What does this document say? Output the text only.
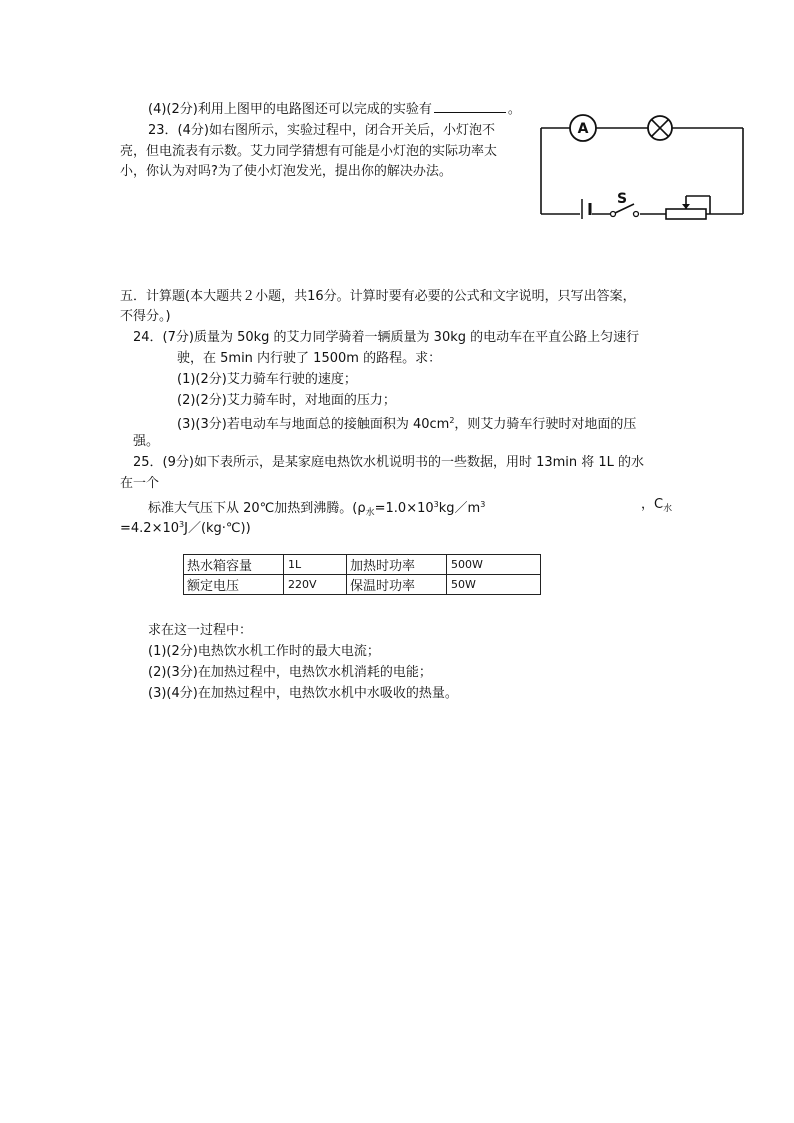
(4)(2分)利用上图甲的电路图还可以完成的实验有	。
23．(4分)如右图所示，实验过程中，闭合开关后，小灯泡不
亮，但电流表有示数。艾力同学猜想有可能是小灯泡的实际功率太
小，你认为对吗?为了使小灯泡发光，提出你的解决办法。
A
S
五．计算题(本大题共２小题，共16分。计算时要有必要的公式和文字说明，只写出答案，
不得分。)
24．(7分)质量为 50kg 的艾力同学骑着一辆质量为 30kg 的电动车在平直公路上匀速行
驶，在 5min 内行驶了 1500m 的路程。求：
(1)(2分)艾力骑车行驶的速度；
(2)(2分)艾力骑车时，对地面的压力；
(3)(3分)若电动车与地面总的接触面积为 $40cm^2$，则艾力骑车行驶时对地面的压
强。
25．(9分)如下表所示，是某家庭电热饮水机说明书的一些数据，用时 13min 将 1L 的水
在一个
标准大气压下从 20℃加热到沸腾。($\rho_水=1.0\times 10^3kg/m^3$	，$C_水$
$=4.2\times 10^3J/(kg\cdot℃)$)
热水箱容量	1L	加热时功率	500W
额定电压	220V	保温时功率	50W
求在这一过程中：
(1)(2分)电热饮水机工作时的最大电流；
(2)(3分)在加热过程中，电热饮水机消耗的电能；
(3)(4分)在加热过程中，电热饮水机中水吸收的热量。
